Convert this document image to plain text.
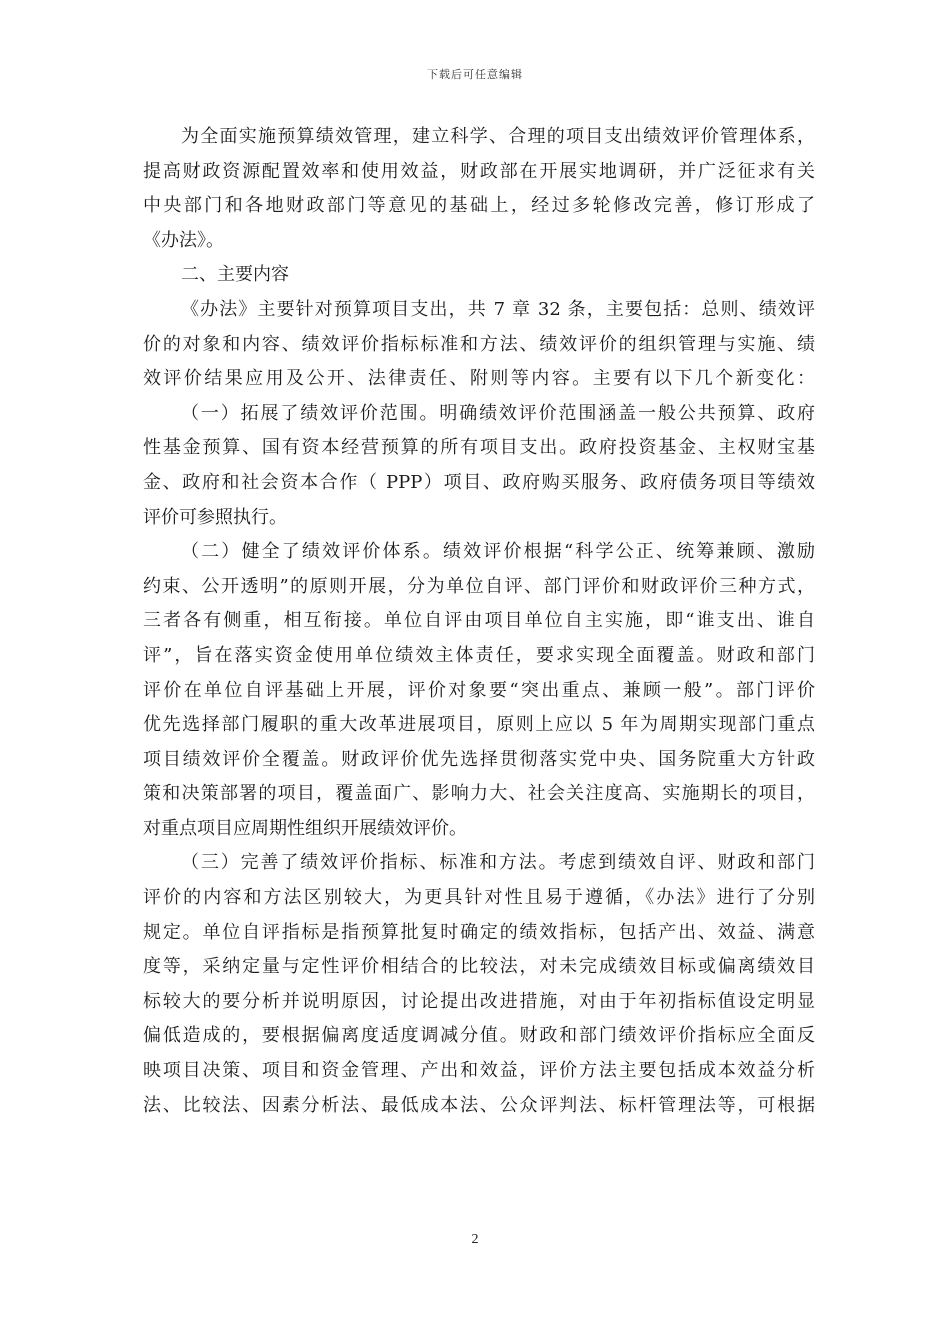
下载后可任意编辑
为全面实施预算绩效管理，建立科学、合理的项目支出绩效评价管理体系，
提高财政资源配置效率和使用效益，财政部在开展实地调研，并广泛征求有关
中央部门和各地财政部门等意见的基础上，经过多轮修改完善，修订形成了
《办法》。
二、主要内容
《办法》主要针对预算项目支出，共 7 章 32 条，主要包括：总则、绩效评
价的对象和内容、绩效评价指标标准和方法、绩效评价的组织管理与实施、绩
效评价结果应用及公开、法律责任、附则等内容。主要有以下几个新变化：
（一）拓展了绩效评价范围。明确绩效评价范围涵盖一般公共预算、政府
性基金预算、国有资本经营预算的所有项目支出。政府投资基金、主权财宝基
金、政府和社会资本合作（ PPP）项目、政府购买服务、政府债务项目等绩效
评价可参照执行。
（二）健全了绩效评价体系。绩效评价根据“科学公正、统筹兼顾、激励
约束、公开透明”的原则开展，分为单位自评、部门评价和财政评价三种方式，
三者各有侧重，相互衔接。单位自评由项目单位自主实施，即“谁支出、谁自
评”，旨在落实资金使用单位绩效主体责任，要求实现全面覆盖。财政和部门
评价在单位自评基础上开展，评价对象要“突出重点、兼顾一般”。部门评价
优先选择部门履职的重大改革进展项目，原则上应以 5 年为周期实现部门重点
项目绩效评价全覆盖。财政评价优先选择贯彻落实党中央、国务院重大方针政
策和决策部署的项目，覆盖面广、影响力大、社会关注度高、实施期长的项目，
对重点项目应周期性组织开展绩效评价。
（三）完善了绩效评价指标、标准和方法。考虑到绩效自评、财政和部门
评价的内容和方法区别较大，为更具针对性且易于遵循，《办法》进行了分别
规定。单位自评指标是指预算批复时确定的绩效指标，包括产出、效益、满意
度等，采纳定量与定性评价相结合的比较法，对未完成绩效目标或偏离绩效目
标较大的要分析并说明原因，讨论提出改进措施，对由于年初指标值设定明显
偏低造成的，要根据偏离度适度调减分值。财政和部门绩效评价指标应全面反
映项目决策、项目和资金管理、产出和效益，评价方法主要包括成本效益分析
法、比较法、因素分析法、最低成本法、公众评判法、标杆管理法等，可根据
2
